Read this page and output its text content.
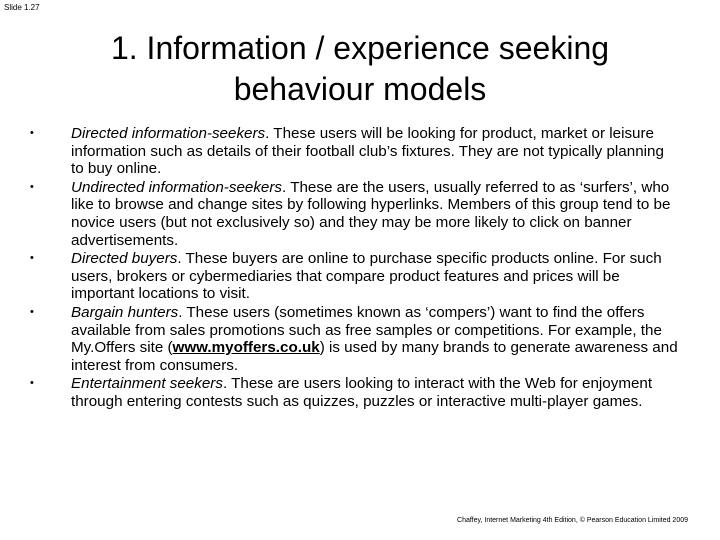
Slide 1.27
1. Information / experience seeking
behaviour models
•	Directed information-seekers. These users will be looking for product, market or leisure information such as details of their football club’s fixtures. They are not typically planning to buy online.
•	Undirected information-seekers. These are the users, usually referred to as ‘surfers’, who like to browse and change sites by following hyperlinks. Members of this group tend to be novice users (but not exclusively so) and they may be more likely to click on banner advertisements.
•	Directed buyers. These buyers are online to purchase specific products online. For such users, brokers or cybermediaries that compare product features and prices will be important locations to visit.
•	Bargain hunters. These users (sometimes known as ‘compers’) want to find the offers available from sales promotions such as free samples or competitions. For example, the My.Offers site (www.myoffers.co.uk) is used by many brands to generate awareness and interest from consumers.
•	Entertainment seekers. These are users looking to interact with the Web for enjoyment through entering contests such as quizzes, puzzles or interactive multi-player games.
Chaffey, Internet Marketing 4th Edition, © Pearson Education Limited 2009
